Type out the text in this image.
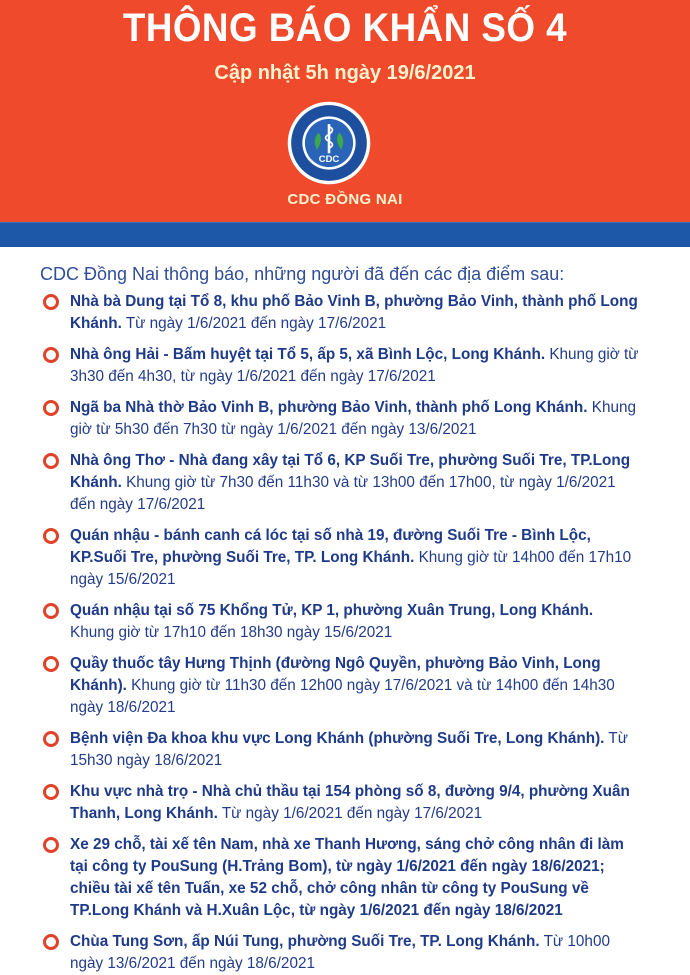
THÔNG BÁO KHẨN SỐ 4
Cập nhật 5h ngày 19/6/2021
CDC
CDC ĐỒNG NAI
CDC Đồng Nai thông báo, những người đã đến các địa điểm sau:
Nhà bà Dung tại Tổ 8, khu phố Bảo Vinh B, phường Bảo Vinh, thành phố Long Khánh. Từ ngày 1/6/2021 đến ngày 17/6/2021
Nhà ông Hải - Bấm huyệt tại Tổ 5, ấp 5, xã Bình Lộc, Long Khánh. Khung giờ từ 3h30 đến 4h30, từ ngày 1/6/2021 đến ngày 17/6/2021
Ngã ba Nhà thờ Bảo Vinh B, phường Bảo Vinh, thành phố Long Khánh. Khung giờ từ 5h30 đến 7h30 từ ngày 1/6/2021 đến ngày 13/6/2021
Nhà ông Thơ - Nhà đang xây tại Tổ 6, KP Suối Tre, phường Suối Tre, TP.Long Khánh. Khung giờ từ 7h30 đến 11h30 và từ 13h00 đến 17h00, từ ngày 1/6/2021 đến ngày 17/6/2021
Quán nhậu - bánh canh cá lóc tại số nhà 19, đường Suối Tre - Bình Lộc, KP.Suối Tre, phường Suối Tre, TP. Long Khánh. Khung giờ từ 14h00 đến 17h10 ngày 15/6/2021
Quán nhậu tại số 75 Khổng Tử, KP 1, phường Xuân Trung, Long Khánh. Khung giờ từ 17h10 đến 18h30 ngày 15/6/2021
Quầy thuốc tây Hưng Thịnh (đường Ngô Quyền, phường Bảo Vinh, Long Khánh). Khung giờ từ 11h30 đến 12h00 ngày 17/6/2021 và từ 14h00 đến 14h30 ngày 18/6/2021
Bệnh viện Đa khoa khu vực Long Khánh (phường Suối Tre, Long Khánh). Từ 15h30 ngày 18/6/2021
Khu vực nhà trọ - Nhà chủ thầu tại 154 phòng số 8, đường 9/4, phường Xuân Thanh, Long Khánh. Từ ngày 1/6/2021 đến ngày 17/6/2021
Xe 29 chỗ, tài xế tên Nam, nhà xe Thanh Hương, sáng chở công nhân đi làm tại công ty PouSung (H.Trảng Bom), từ ngày 1/6/2021 đến ngày 18/6/2021; chiều tài xế tên Tuấn, xe 52 chỗ, chở công nhân từ công ty PouSung về TP.Long Khánh và H.Xuân Lộc, từ ngày 1/6/2021 đến ngày 18/6/2021
Chùa Tung Sơn, ấp Núi Tung, phường Suối Tre, TP. Long Khánh. Từ 10h00 ngày 13/6/2021 đến ngày 18/6/2021
